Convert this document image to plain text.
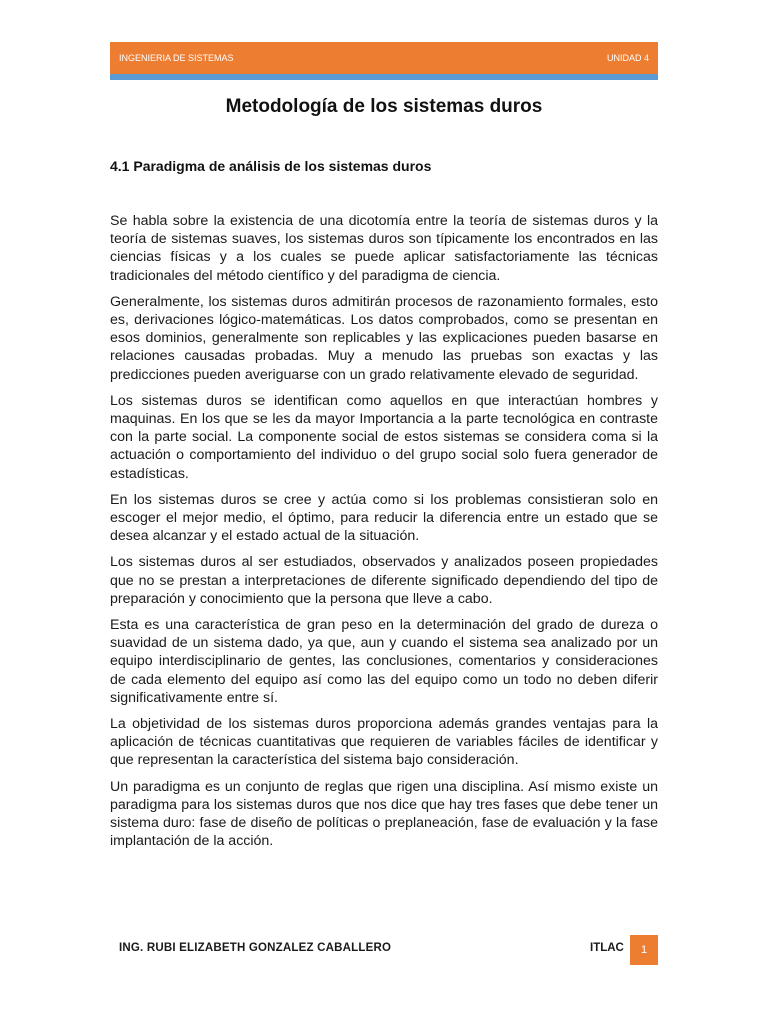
INGENIERIA DE SISTEMAS	UNIDAD 4
Metodología de los sistemas duros
4.1 Paradigma de análisis de los sistemas duros

Se habla sobre la existencia de una dicotomía entre la teoría de sistemas duros y la teoría de sistemas suaves, los sistemas duros son típicamente los encontrados en las ciencias físicas y a los cuales se puede aplicar satisfactoriamente las técnicas tradicionales del método científico y del paradigma de ciencia.

Generalmente, los sistemas duros admitirán procesos de razonamiento formales, esto es, derivaciones lógico-matemáticas. Los datos comprobados, como se presentan en esos dominios, generalmente son replicables y las explicaciones pueden basarse en relaciones causadas probadas. Muy a menudo las pruebas son exactas y las predicciones pueden averiguarse con un grado relativamente elevado de seguridad.

Los sistemas duros se identifican como aquellos en que interactúan hombres y maquinas. En los que se les da mayor Importancia a la parte tecnológica en contraste con la parte social. La componente social de estos sistemas se considera coma si la actuación o comportamiento del individuo o del grupo social solo fuera generador de estadísticas.

En los sistemas duros se cree y actúa como si los problemas consistieran solo en escoger el mejor medio, el óptimo, para reducir la diferencia entre un estado que se desea alcanzar y el estado actual de la situación.

Los sistemas duros al ser estudiados, observados y analizados poseen propiedades que no se prestan a interpretaciones de diferente significado dependiendo del tipo de preparación y conocimiento que la persona que lleve a cabo.

Esta es una característica de gran peso en la determinación del grado de dureza o suavidad de un sistema dado, ya que, aun y cuando el sistema sea analizado por un equipo interdisciplinario de gentes, las conclusiones, comentarios y consideraciones de cada elemento del equipo así como las del equipo como un todo no deben diferir significativamente entre sí.

La objetividad de los sistemas duros proporciona además grandes ventajas para la aplicación de técnicas cuantitativas que requieren de variables fáciles de identificar y que representan la característica del sistema bajo consideración.

Un paradigma es un conjunto de reglas que rigen una disciplina. Así mismo existe un paradigma para los sistemas duros que nos dice que hay tres fases que debe tener un sistema duro: fase de diseño de políticas o preplaneación, fase de evaluación y la fase implantación de la acción.

ING. RUBI ELIZABETH GONZALEZ CABALLERO	ITLAC 1
